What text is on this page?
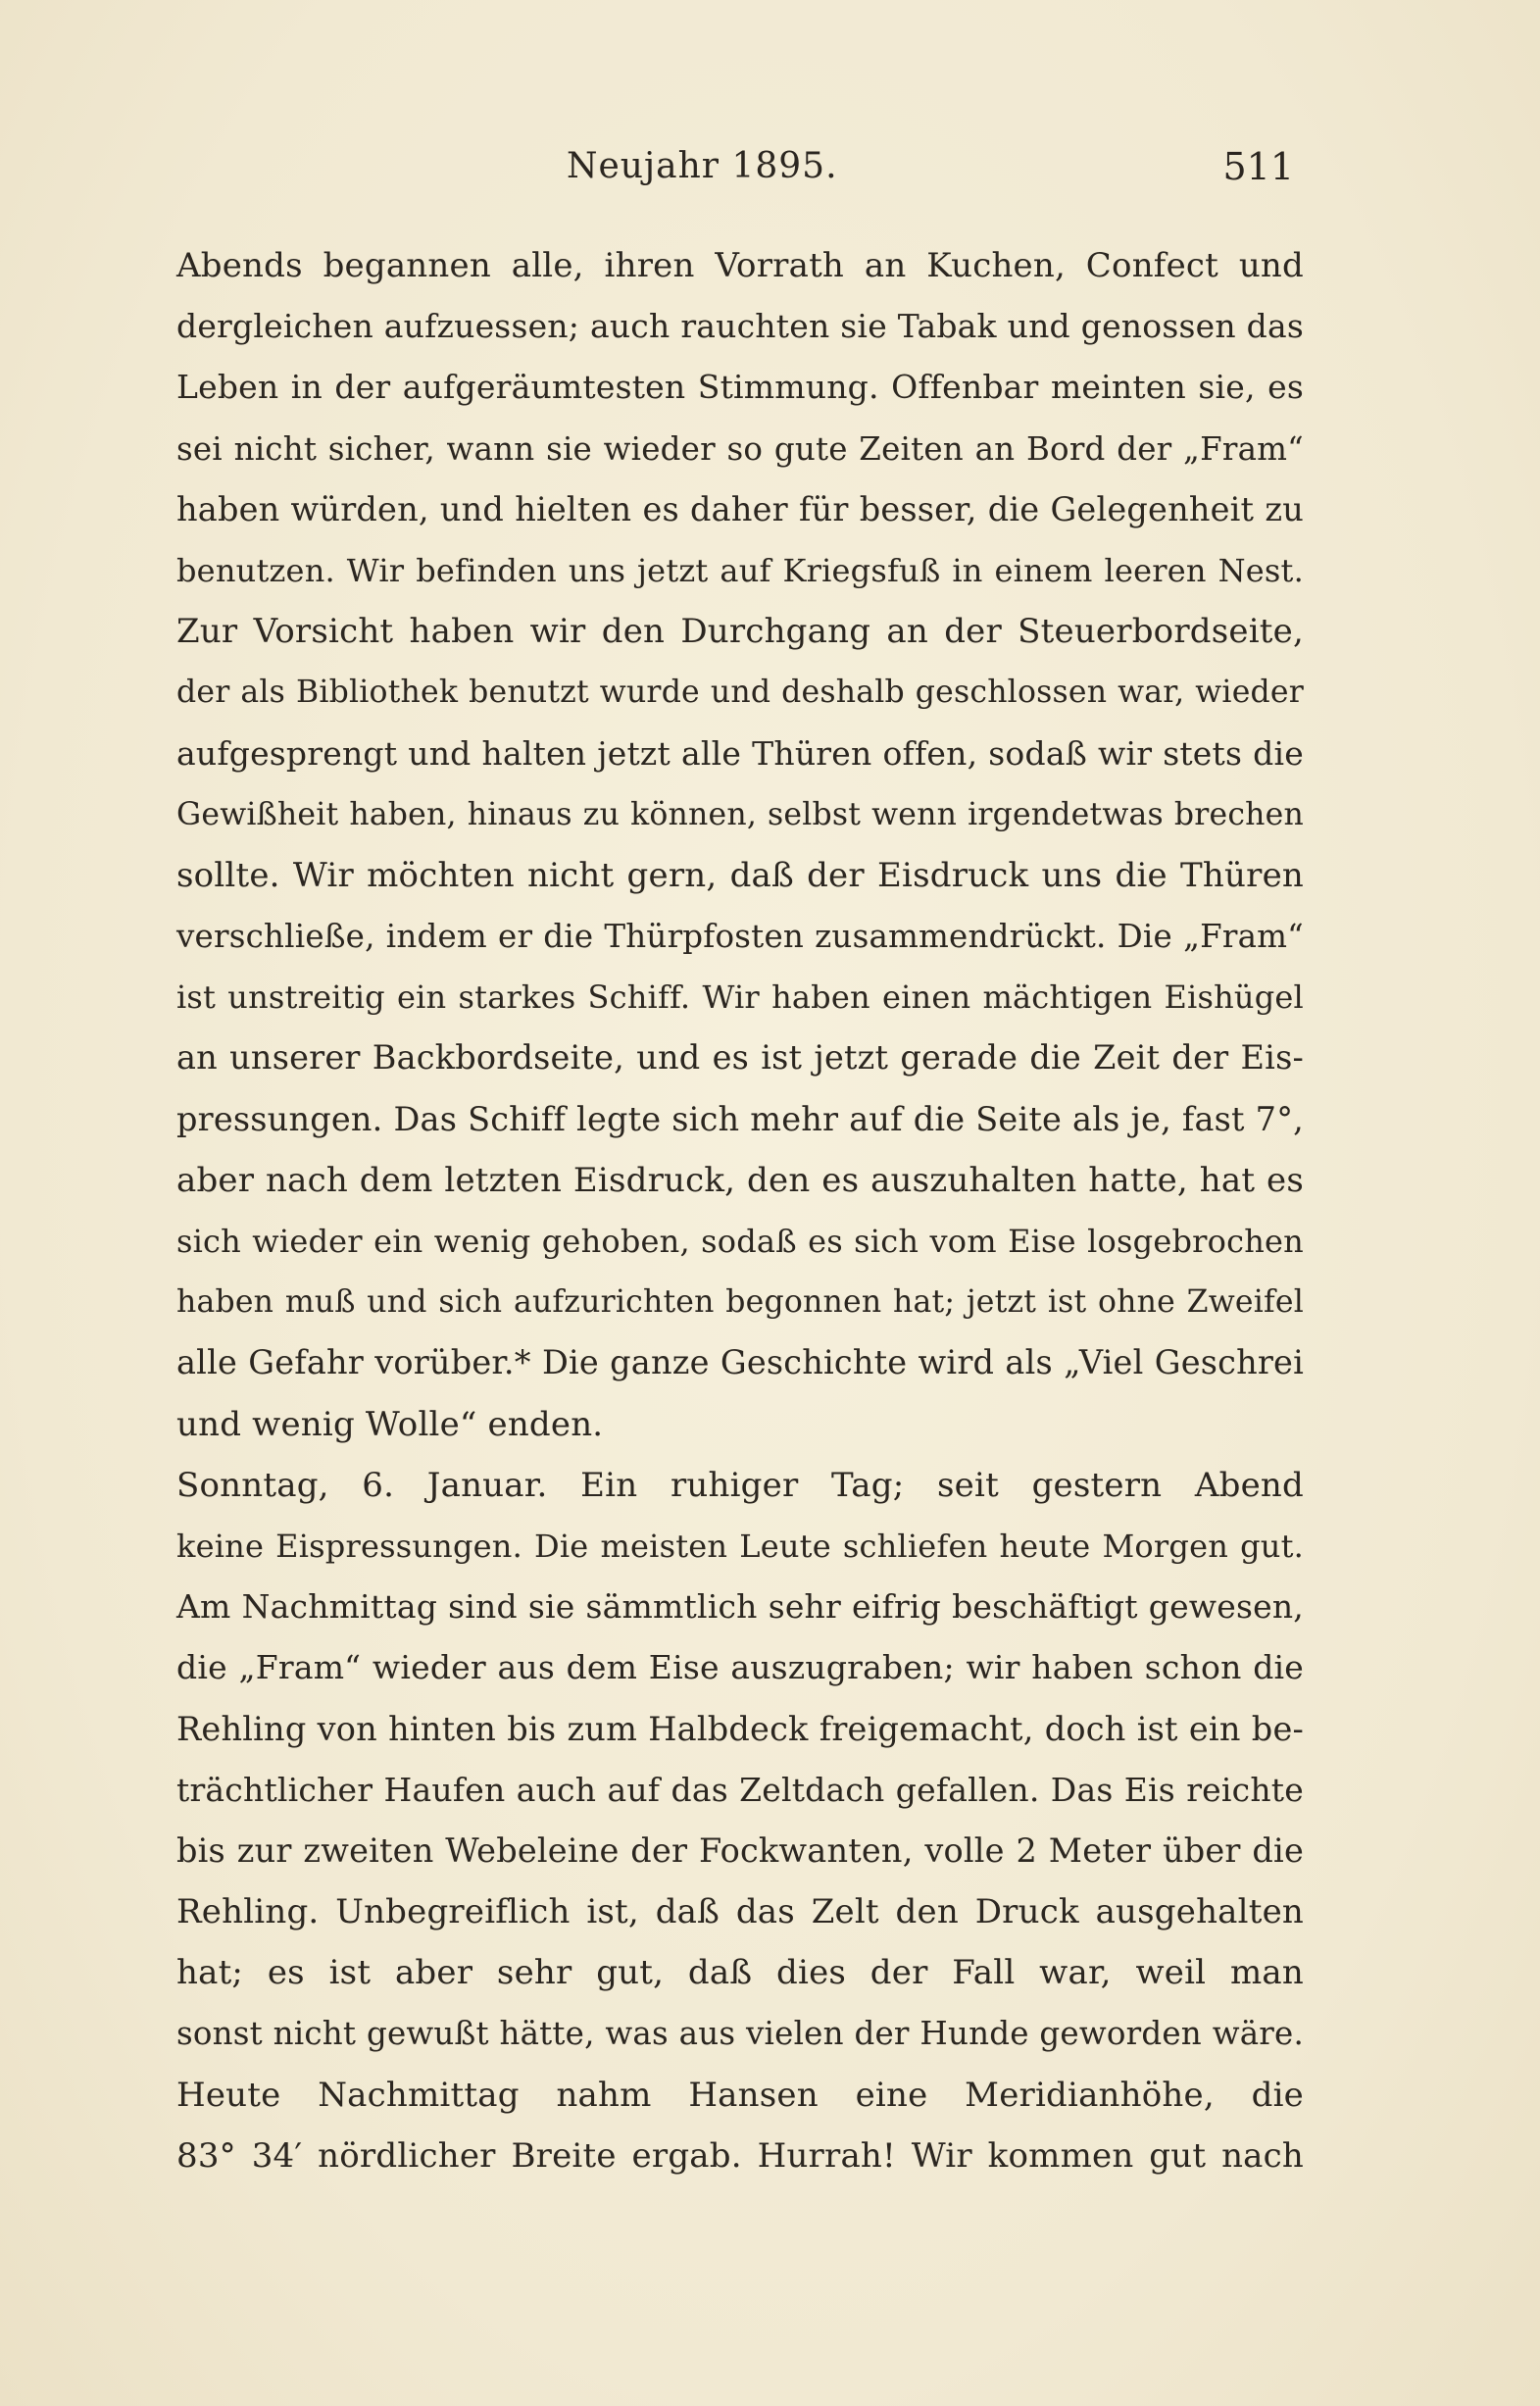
Neujahr 1895.	511
Abends begannen alle, ihren Vorrath an Kuchen, Confect und
dergleichen aufzuessen; auch rauchten sie Tabak und genossen das
Leben in der aufgeräumtesten Stimmung. Offenbar meinten sie, es
sei nicht sicher, wann sie wieder so gute Zeiten an Bord der „Fram“
haben würden, und hielten es daher für besser, die Gelegenheit zu
benutzen. Wir befinden uns jetzt auf Kriegsfuß in einem leeren Nest.
Zur Vorsicht haben wir den Durchgang an der Steuerbordseite,
der als Bibliothek benutzt wurde und deshalb geschlossen war, wieder
aufgesprengt und halten jetzt alle Thüren offen, sodaß wir stets die
Gewißheit haben, hinaus zu können, selbst wenn irgendetwas brechen
sollte. Wir möchten nicht gern, daß der Eisdruck uns die Thüren
verschließe, indem er die Thürpfosten zusammendrückt. Die „Fram“
ist unstreitig ein starkes Schiff. Wir haben einen mächtigen Eishügel
an unserer Backbordseite, und es ist jetzt gerade die Zeit der Eis-
pressungen. Das Schiff legte sich mehr auf die Seite als je, fast 7°,
aber nach dem letzten Eisdruck, den es auszuhalten hatte, hat es
sich wieder ein wenig gehoben, sodaß es sich vom Eise losgebrochen
haben muß und sich aufzurichten begonnen hat; jetzt ist ohne Zweifel
alle Gefahr vorüber.* Die ganze Geschichte wird als „Viel Geschrei
und wenig Wolle“ enden.
Sonntag, 6. Januar. Ein ruhiger Tag; seit gestern Abend
keine Eispressungen. Die meisten Leute schliefen heute Morgen gut.
Am Nachmittag sind sie sämmtlich sehr eifrig beschäftigt gewesen,
die „Fram“ wieder aus dem Eise auszugraben; wir haben schon die
Rehling von hinten bis zum Halbdeck freigemacht, doch ist ein be-
trächtlicher Haufen auch auf das Zeltdach gefallen. Das Eis reichte
bis zur zweiten Webeleine der Fockwanten, volle 2 Meter über die
Rehling. Unbegreiflich ist, daß das Zelt den Druck ausgehalten
hat; es ist aber sehr gut, daß dies der Fall war, weil man
sonst nicht gewußt hätte, was aus vielen der Hunde geworden wäre.
Heute Nachmittag nahm Hansen eine Meridianhöhe, die
83° 34′ nördlicher Breite ergab. Hurrah! Wir kommen gut nach
